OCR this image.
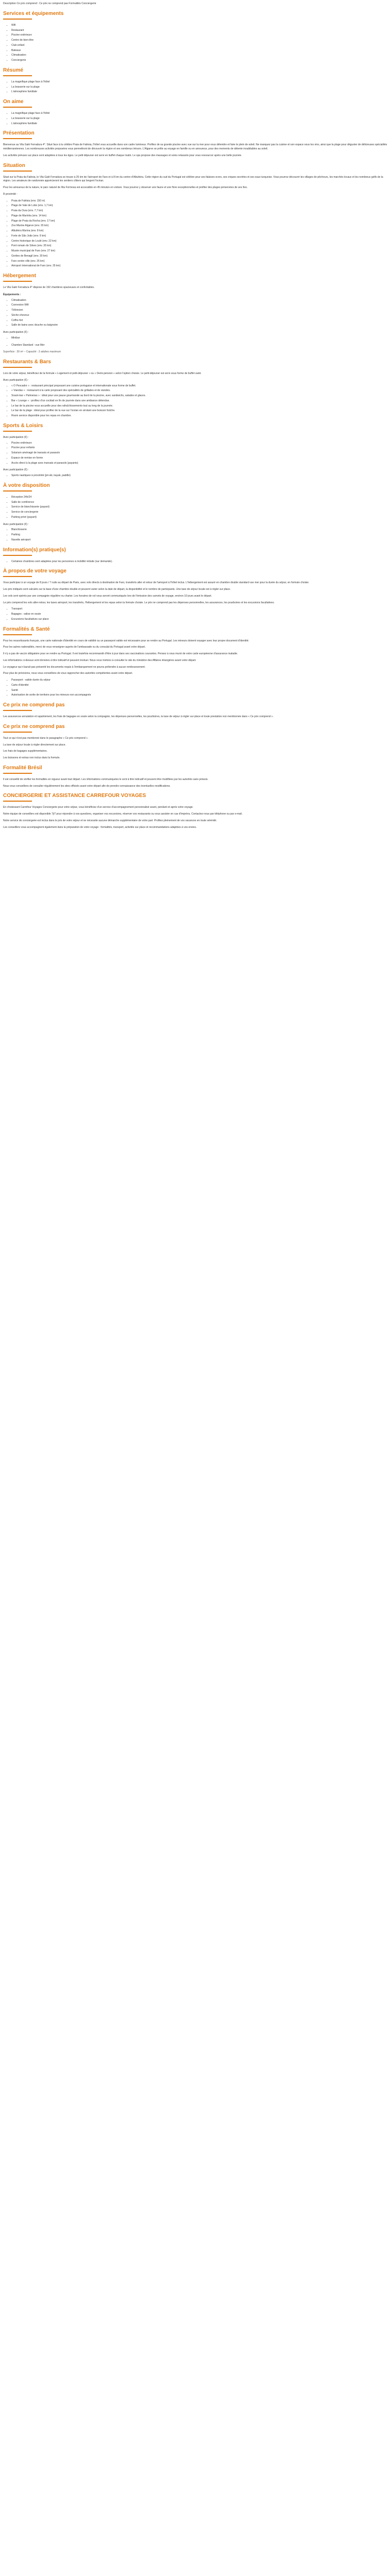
Description Ce prix comprend : Ce prix ne comprend pas Formalités Conciergerie

Services et équipements
• Wifi
• Restaurant
• Piscine extérieure
• Centre de bien-être
• Club enfant
• Bateaux
• Climatisation
• Conciergerie
Résumé
• La magnifique plage face à l'hôtel
• La brasserie sur la plage
• L'atmosphère familiale
On aime
• La magnifique plage face à l'hôtel
• La brasserie sur la plage
• L'atmosphère familiale
Présentation

Bienvenue au Vila Galé Ferradura 4*. Situé face à la célèbre Praia de Falésia, l'hôtel vous accueille dans son cadre lumineux. Profitez de sa grande piscine avec vue sur la mer pour vous détendre et faire le plein de soleil. Ne manquez pas la cuisine et son espace sous les vins, ainsi que la plage pour déguster de délicieuses spécialités méditerranéennes. Les nombreuses activités proposées vous permettront de découvrir la région et ses nombreux trésors. L'Algarve se prête au voyage en famille ou en amoureux, pour des moments de détente inoubliables au soleil.

Les activités prévues sur place sont adaptées à tous les âges. Le petit déjeuner est servi en buffet chaque matin. Le spa propose des massages et soins relaxants pour vous ressourcer après une belle journée.

Situation

Situé sur la Praia da Falésia, le Vila Galé Ferradura se trouve à 25 km de l'aéroport de Faro et à 8 km du centre d'Albufeira. Cette région du sud du Portugal est célèbre pour ses falaises ocres, ses criques secrètes et ses eaux turquoise. Vous pourrez découvrir les villages de pêcheurs, les marchés locaux et les nombreux golfs de la région. Les amateurs de randonnée apprécieront les sentiers côtiers qui longent l'océan.

Pour les amoureux de la nature, le parc naturel de Ria Formosa est accessible en 45 minutes en voiture. Vous pourrez y observer une faune et une flore exceptionnelles et profiter des plages préservées de ses îles.

À proximité :

• Praia de Falésia (env. 150 m)
• Plage de Vale de Lobo (env. 1,7 km)
• Praia da Oura (env. 7,7 km)
• Plage de Marinha (env. 14 km)
• Plage de Praia da Rocha (env. 17 km)
• Zoo Marine Algarve (env. 20 km)
• Albufeira Marina (env. 8 km)
• Forte de São João (env. 9 km)
• Centre historique de Loulé (env. 22 km)
• Pont romain de Silves (env. 35 km)
• Musée municipal de Faro (env. 27 km)
• Grottes de Benagil (env. 30 km)
• Faro centre ville (env. 25 km)
• Aéroport international de Faro (env. 25 km)
Hébergement

Le Vila Galé Ferradura 4* dispose de 192 chambres spacieuses et confortables.

Équipements :
• Climatisation
• Connexion Wifi
• Télévision
• Sèche-cheveux
• Coffre-fort
• Salle de bains avec douche ou baignoire
Avec participation (€) :
• Minibar
• Chambre Standard : vue Mer

Superficie : 30 m² – Capacité : 3 adultes maximum

Restaurants & Bars

Lors de votre séjour, bénéficiez de la formule « Logement et petit-déjeuner » ou « Demi-pension » selon l'option choisie. Le petit-déjeuner est servi sous forme de buffet varié.

Avec participation (€) :
• « O Pescador » : restaurant principal proposant une cuisine portugaise et internationale sous forme de buffet.
• « Viandas » : restaurant à la carte proposant des spécialités de grillades et de viandes.
• Snack-bar « Palmeiras » : idéal pour une pause gourmande au bord de la piscine, avec sandwichs, salades et glaces.
• Bar « Lounge » : profitez d'un cocktail en fin de journée dans une ambiance détendue.
• Le bar de la piscine vous accueille pour des rafraîchissements tout au long de la journée.
• Le bar de la plage : idéal pour profiter de la vue sur l'océan en sirotant une boisson fraîche.
• Room service disponible pour les repas en chambre.
Sports & Loisirs
Avec participation (€) :
• Piscine extérieure
• Piscine pour enfants
• Solarium aménagé de transats et parasols
• Espace de remise en forme
• Accès direct à la plage avec transats et parasols (payants)
Avec participation (€) :
• Sports nautiques à proximité (jet-ski, kayak, paddle)
À votre disposition
• Réception 24h/24
• Salle de conférence
• Service de blanchisserie (payant)
• Service de conciergerie
• Parking privé (payant)
Avec participation (€) :
• Blanchisserie
• Parking
• Navette aéroport
Information(s) pratique(s)
• Certaines chambres sont adaptées pour les personnes à mobilité réduite (sur demande).
À propos de votre voyage

Vous participez à un voyage de 8 jours / 7 nuits au départ de Paris, avec vols directs à destination de Faro, transferts aller et retour de l'aéroport à l'hôtel inclus. L'hébergement est assuré en chambre double standard vue mer pour la durée du séjour, en formule choisie.

Les prix indiqués sont calculés sur la base d'une chambre double et peuvent varier selon la date de départ, la disponibilité et le nombre de participants. Une taxe de séjour locale est à régler sur place.

Les vols sont opérés par une compagnie régulière ou charter. Les horaires de vol vous seront communiqués lors de l'émission des carnets de voyage, environ 10 jours avant le départ.

Le prix comprend les vols aller-retour, les taxes aéroport, les transferts, l'hébergement et les repas selon la formule choisie. Le prix ne comprend pas les dépenses personnelles, les assurances, les pourboires et les excursions facultatives.

• Transport
• Bagages : valise en soute
• Excursions facultatives sur place
Formalités & Santé

Pour les ressortissants français, une carte nationale d'identité en cours de validité ou un passeport valide est nécessaire pour se rendre au Portugal. Les mineurs doivent voyager avec leur propre document d'identité.

Pour les autres nationalités, merci de vous renseigner auprès de l'ambassade ou du consulat du Portugal avant votre départ.

Il n'y a pas de vaccin obligatoire pour se rendre au Portugal. Il est toutefois recommandé d'être à jour dans ses vaccinations courantes. Pensez à vous munir de votre carte européenne d'assurance maladie.

Les informations ci-dessus sont données à titre indicatif et peuvent évoluer. Nous vous invitons à consulter le site du ministère des Affaires étrangères avant votre départ.

Le voyageur qui n'aurait pas présenté les documents requis à l'embarquement ne pourra prétendre à aucun remboursement.

Pour plus de précisions, nous vous conseillons de vous rapprocher des autorités compétentes avant votre départ.

• Passeport : valide durée du séjour
• Carte d'identité
• Santé
• Autorisation de sortie de territoire pour les mineurs non accompagnés
Ce prix ne comprend pas

Les assurances annulation et rapatriement, les frais de bagages en soute selon la compagnie, les dépenses personnelles, les pourboires, la taxe de séjour à régler sur place et toute prestation non mentionnée dans « Ce prix comprend ».

Ce prix ne comprend pas

Tout ce qui n'est pas mentionné dans le paragraphe « Ce prix comprend ».

La taxe de séjour locale à régler directement sur place.

Les frais de bagages supplémentaires.

Les boissons et extras non inclus dans la formule.

Formalité Brésil

Il est conseillé de vérifier les formalités en vigueur avant tout départ. Les informations communiquées le sont à titre indicatif et peuvent être modifiées par les autorités sans préavis.

Nous vous conseillons de consulter régulièrement les sites officiels avant votre départ afin de prendre connaissance des éventuelles modifications.

CONCIERGERIE ET ASSISTANCE CARREFOUR VOYAGES

En choisissant Carrefour Voyages Conciergerie pour votre séjour, vous bénéficiez d'un service d'accompagnement personnalisé avant, pendant et après votre voyage.

Notre équipe de conseillers est disponible 7j/7 pour répondre à vos questions, organiser vos excursions, réserver vos restaurants ou vous assister en cas d'imprévu. Contactez-nous par téléphone ou par e-mail.

Notre service de conciergerie est inclus dans le prix de votre séjour et ne nécessite aucune démarche supplémentaire de votre part. Profitez pleinement de vos vacances en toute sérénité.

Les conseillers vous accompagnent également dans la préparation de votre voyage : formalités, transport, activités sur place et recommandations adaptées à vos envies.
